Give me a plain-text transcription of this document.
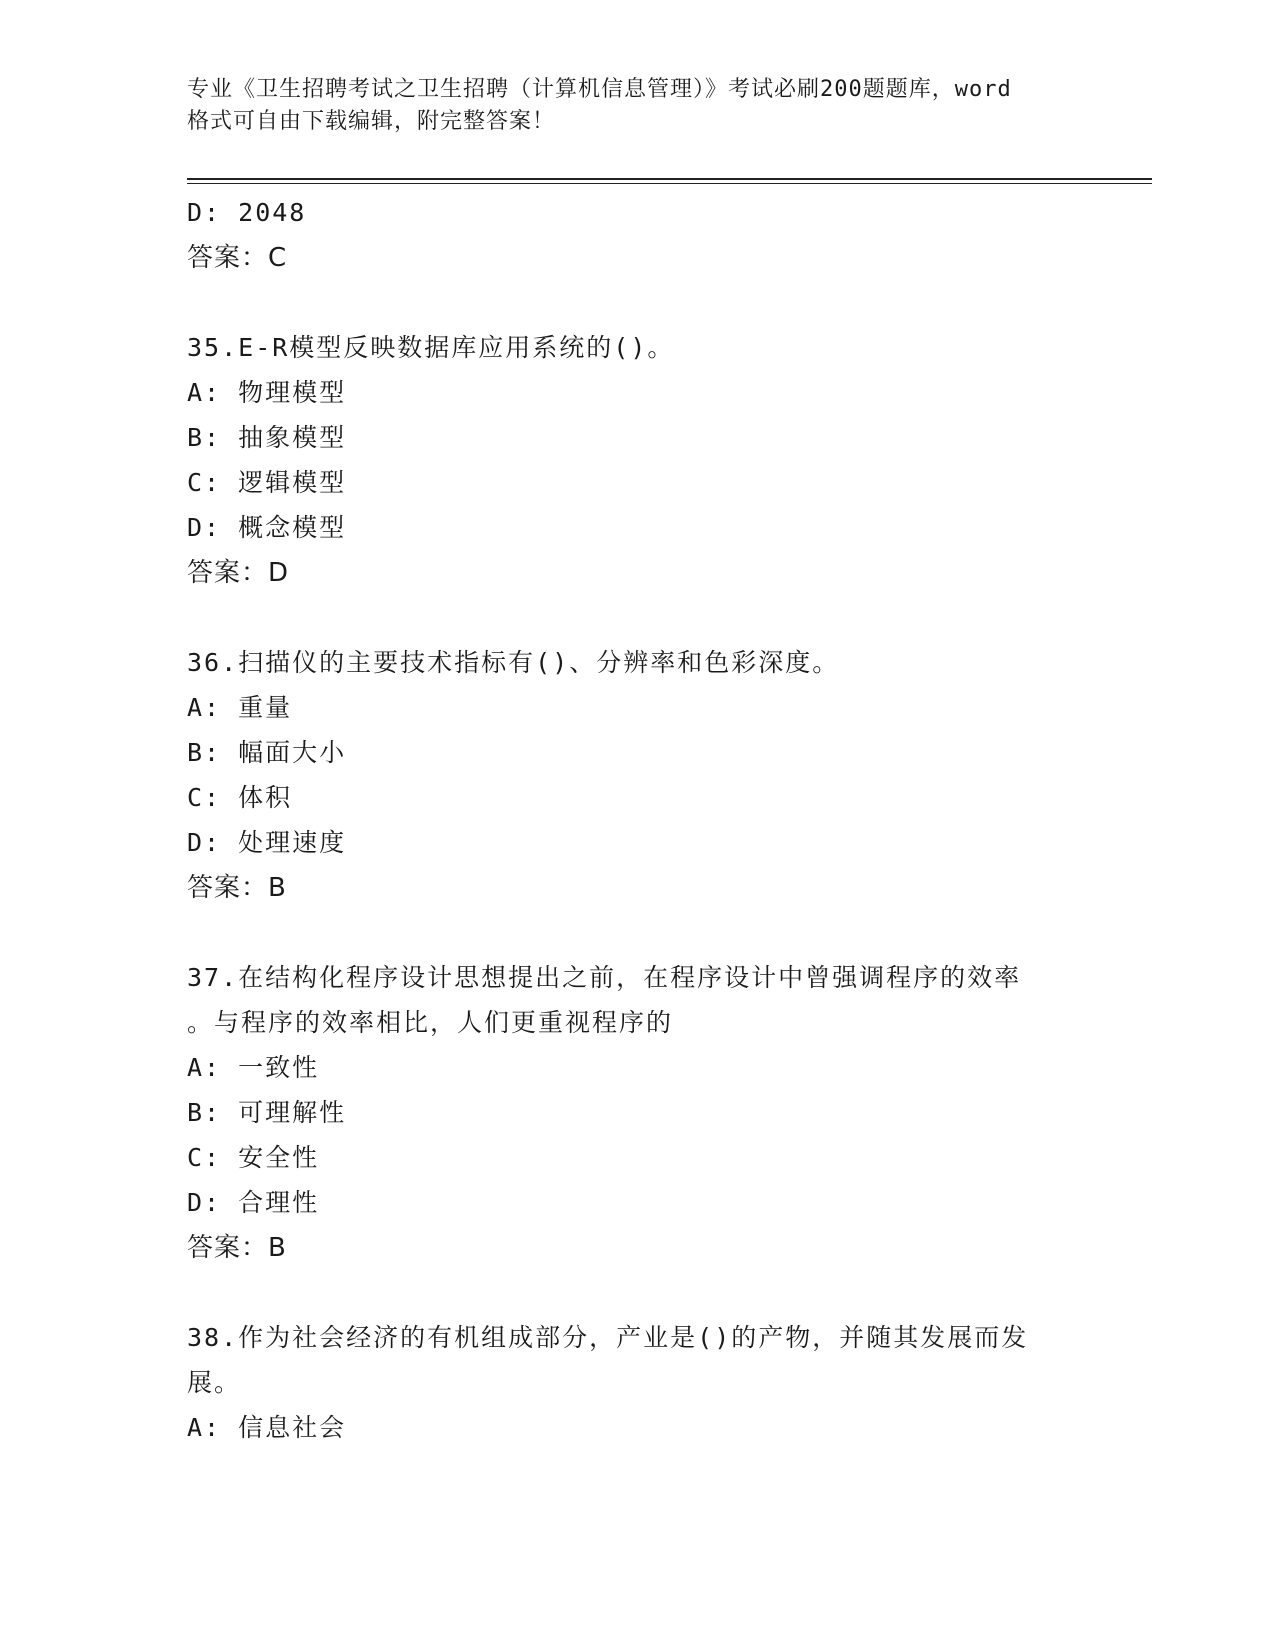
专业《卫生招聘考试之卫生招聘（计算机信息管理）》考试必刷200题题库，word
格式可自由下载编辑，附完整答案！
D: 2048
答案：C
35.E-R模型反映数据库应用系统的()。
A: 物理模型
B: 抽象模型
C: 逻辑模型
D: 概念模型
答案：D
36.扫描仪的主要技术指标有()、分辨率和色彩深度。
A: 重量
B: 幅面大小
C: 体积
D: 处理速度
答案：B
37.在结构化程序设计思想提出之前，在程序设计中曾强调程序的效率
。与程序的效率相比，人们更重视程序的
A: 一致性
B: 可理解性
C: 安全性
D: 合理性
答案：B
38.作为社会经济的有机组成部分，产业是()的产物，并随其发展而发
展。
A: 信息社会
